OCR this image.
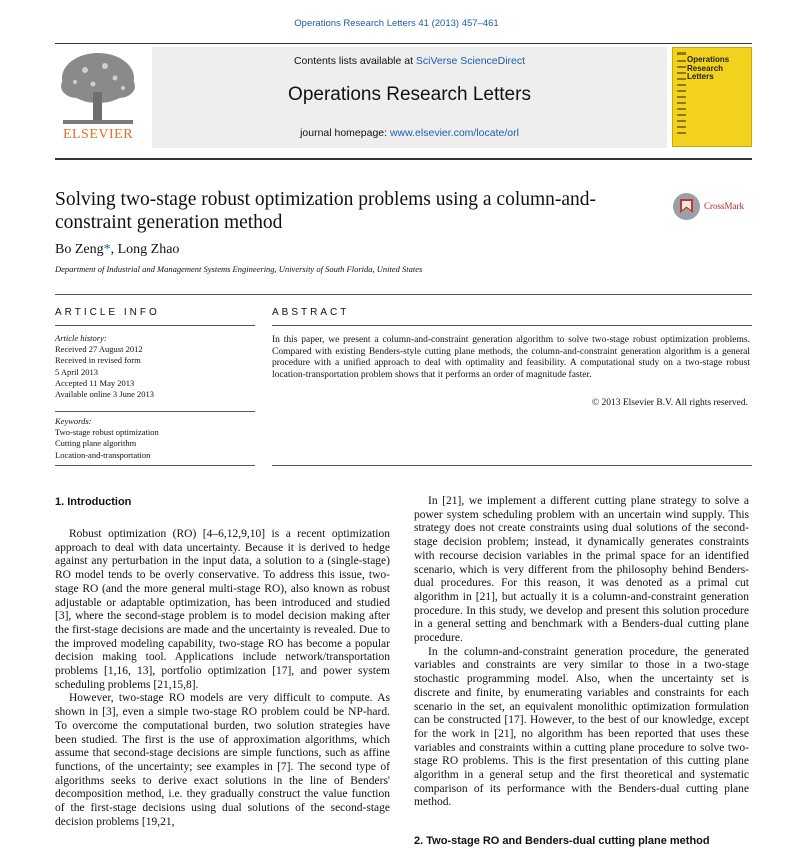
Operations Research Letters 41 (2013) 457–461
ELSEVIER
Contents lists available at SciVerse ScienceDirect
Operations Research Letters
journal homepage: www.elsevier.com/locate/orl
Operations Research Letters
Solving two-stage robust optimization problems using a column-and-constraint generation method
CrossMark
Bo Zeng*, Long Zhao
Department of Industrial and Management Systems Engineering, University of South Florida, United States
ARTICLE INFO
Article history:
Received 27 August 2012
Received in revised form
5 April 2013
Accepted 11 May 2013
Available online 3 June 2013
Keywords:
Two-stage robust optimization
Cutting plane algorithm
Location-and-transportation
ABSTRACT
In this paper, we present a column-and-constraint generation algorithm to solve two-stage robust optimization problems. Compared with existing Benders-style cutting plane methods, the column-and-constraint generation algorithm is a general procedure with a unified approach to deal with optimality and feasibility. A computational study on a two-stage robust location-transportation problem shows that it performs an order of magnitude faster.
© 2013 Elsevier B.V. All rights reserved.
1. Introduction

Robust optimization (RO) [4–6,12,9,10] is a recent optimization approach to deal with data uncertainty. Because it is derived to hedge against any perturbation in the input data, a solution to a (single-stage) RO model tends to be overly conservative. To address this issue, two-stage RO (and the more general multi-stage RO), also known as robust adjustable or adaptable optimization, has been introduced and studied [3], where the second-stage problem is to model decision making after the first-stage decisions are made and the uncertainty is revealed. Due to the improved modeling capability, two-stage RO has become a popular decision making tool. Applications include network/transportation problems [1,16, 13], portfolio optimization [17], and power system scheduling problems [21,15,8].

However, two-stage RO models are very difficult to compute. As shown in [3], even a simple two-stage RO problem could be NP-hard. To overcome the computational burden, two solution strategies have been studied. The first is the use of approximation algorithms, which assume that second-stage decisions are simple functions, such as affine functions, of the uncertainty; see examples in [7]. The second type of algorithms seeks to derive exact solutions in the line of Benders' decomposition method, i.e. they gradually construct the value function of the first-stage decisions using dual solutions of the second-stage decision problems [19,21,

In [21], we implement a different cutting plane strategy to solve a power system scheduling problem with an uncertain wind supply. This strategy does not create constraints using dual solutions of the second-stage decision problem; instead, it dynamically generates constraints with recourse decision variables in the primal space for an identified scenario, which is very different from the philosophy behind Benders-dual procedures. For this reason, it was denoted as a primal cut algorithm in [21], but actually it is a column-and-constraint generation procedure. In this study, we develop and present this solution procedure in a general setting and benchmark with a Benders-dual cutting plane procedure.

In the column-and-constraint generation procedure, the generated variables and constraints are very similar to those in a two-stage stochastic programming model. Also, when the uncertainty set is discrete and finite, by enumerating variables and constraints for each scenario in the set, an equivalent monolithic optimization formulation can be constructed [17]. However, to the best of our knowledge, except for the work in [21], no algorithm has been reported that uses these variables and constraints within a cutting plane procedure to solve two-stage RO problems. This is the first presentation of this cutting plane algorithm in a general setup and the first theoretical and systematic comparison of its performance with the Benders-dual cutting plane method.

2. Two-stage RO and Benders-dual cutting plane method
